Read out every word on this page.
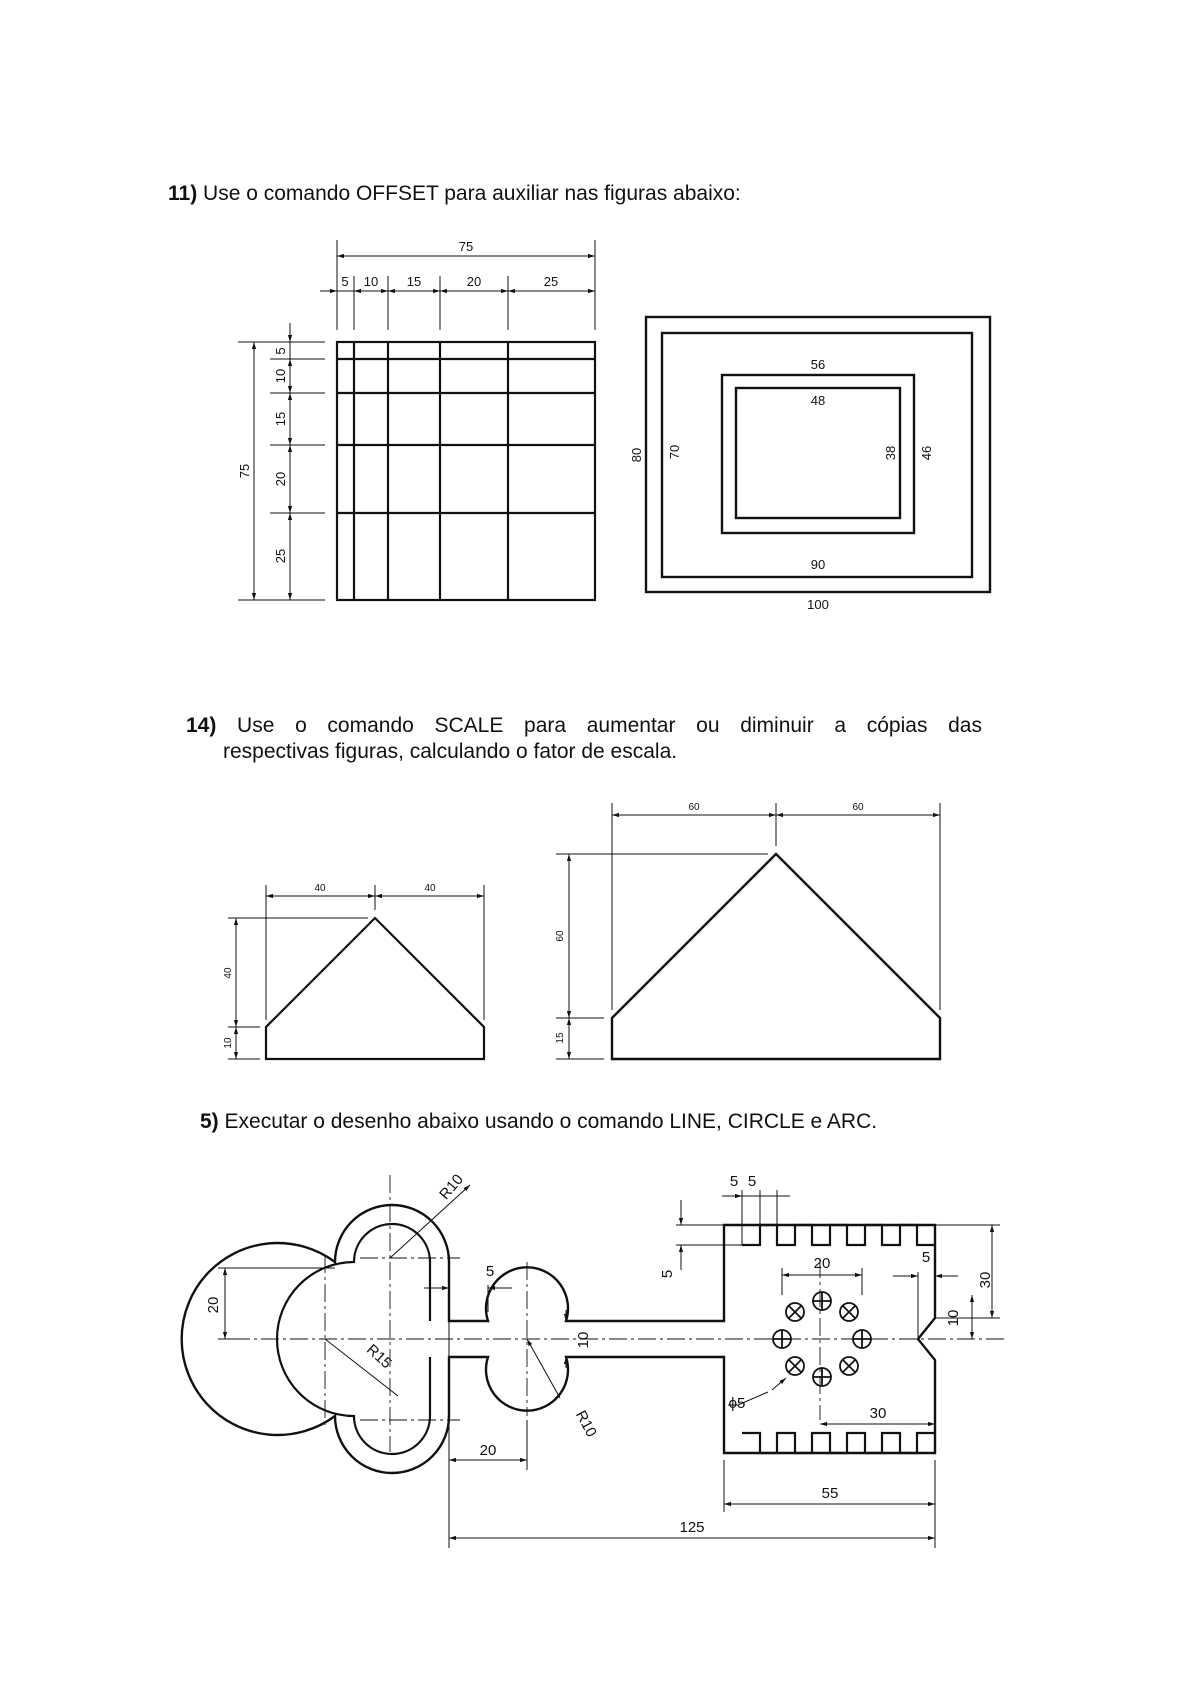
11) Use o comando OFFSET para auxiliar nas figuras abaixo:
14) Use o comando SCALE para aumentar ou diminuir a cópias das
respectivas figuras, calculando o fator de escala.
5) Executar o desenho abaixo usando o comando LINE, CIRCLE e ARC.
75
5 10 15	20	25
75
5
10
15
20
25
56
48
90
100
80 70	38 46
40	40
40
10
60	60
60
15
R10
R15
R10
20
5
10
20
125
55
30
ϕ5
20
5 5
5
5
10
30
